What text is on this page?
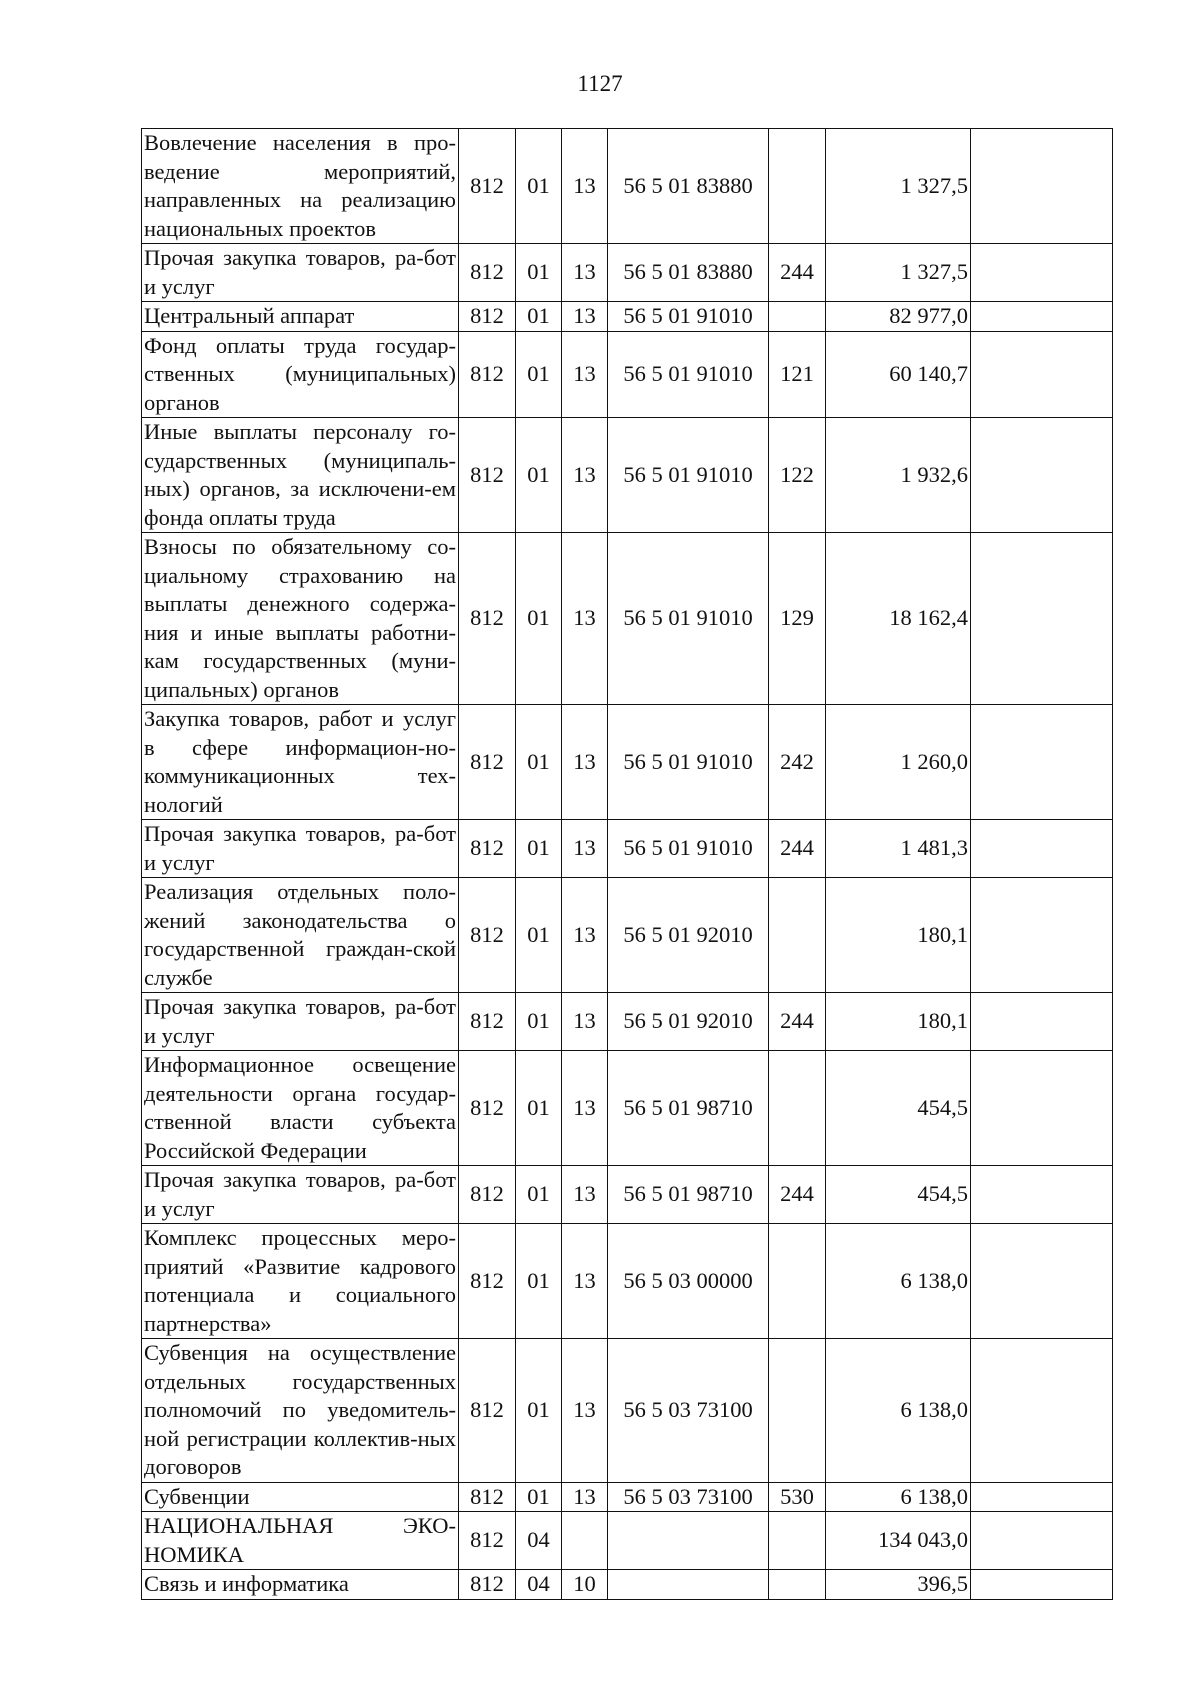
1127
Вовлечение населения в про-ведение мероприятий, направленных на реализацию национальных проектов	812	01	13	56 5 01 83880		1 327,5	
Прочая закупка товаров, ра-бот и услуг	812	01	13	56 5 01 83880	244	1 327,5	
Центральный аппарат	812	01	13	56 5 01 91010		82 977,0	
Фонд оплаты труда государ-ственных (муниципальных) органов	812	01	13	56 5 01 91010	121	60 140,7	
Иные выплаты персоналу го-сударственных (муниципаль-ных) органов, за исключени-ем фонда оплаты труда	812	01	13	56 5 01 91010	122	1 932,6	
Взносы по обязательному со-циальному страхованию на выплаты денежного содержа-ния и иные выплаты работни-кам государственных (муни-ципальных) органов	812	01	13	56 5 01 91010	129	18 162,4	
Закупка товаров, работ и услуг в сфере информацион-но-коммуникационных тех-нологий	812	01	13	56 5 01 91010	242	1 260,0	
Прочая закупка товаров, ра-бот и услуг	812	01	13	56 5 01 91010	244	1 481,3	
Реализация отдельных поло-жений законодательства о государственной граждан-ской службе	812	01	13	56 5 01 92010		180,1	
Прочая закупка товаров, ра-бот и услуг	812	01	13	56 5 01 92010	244	180,1	
Информационное освещение деятельности органа государ-ственной власти субъекта Российской Федерации	812	01	13	56 5 01 98710		454,5	
Прочая закупка товаров, ра-бот и услуг	812	01	13	56 5 01 98710	244	454,5	
Комплекс процессных меро-приятий «Развитие кадрового потенциала и социального партнерства»	812	01	13	56 5 03 00000		6 138,0	
Субвенция на осуществление отдельных государственных полномочий по уведомитель-ной регистрации коллектив-ных договоров	812	01	13	56 5 03 73100		6 138,0	
Субвенции	812	01	13	56 5 03 73100	530	6 138,0	
НАЦИОНАЛЬНАЯ ЭКО-НОМИКА	812	04				134 043,0	
Связь и информатика	812	04	10			396,5	
